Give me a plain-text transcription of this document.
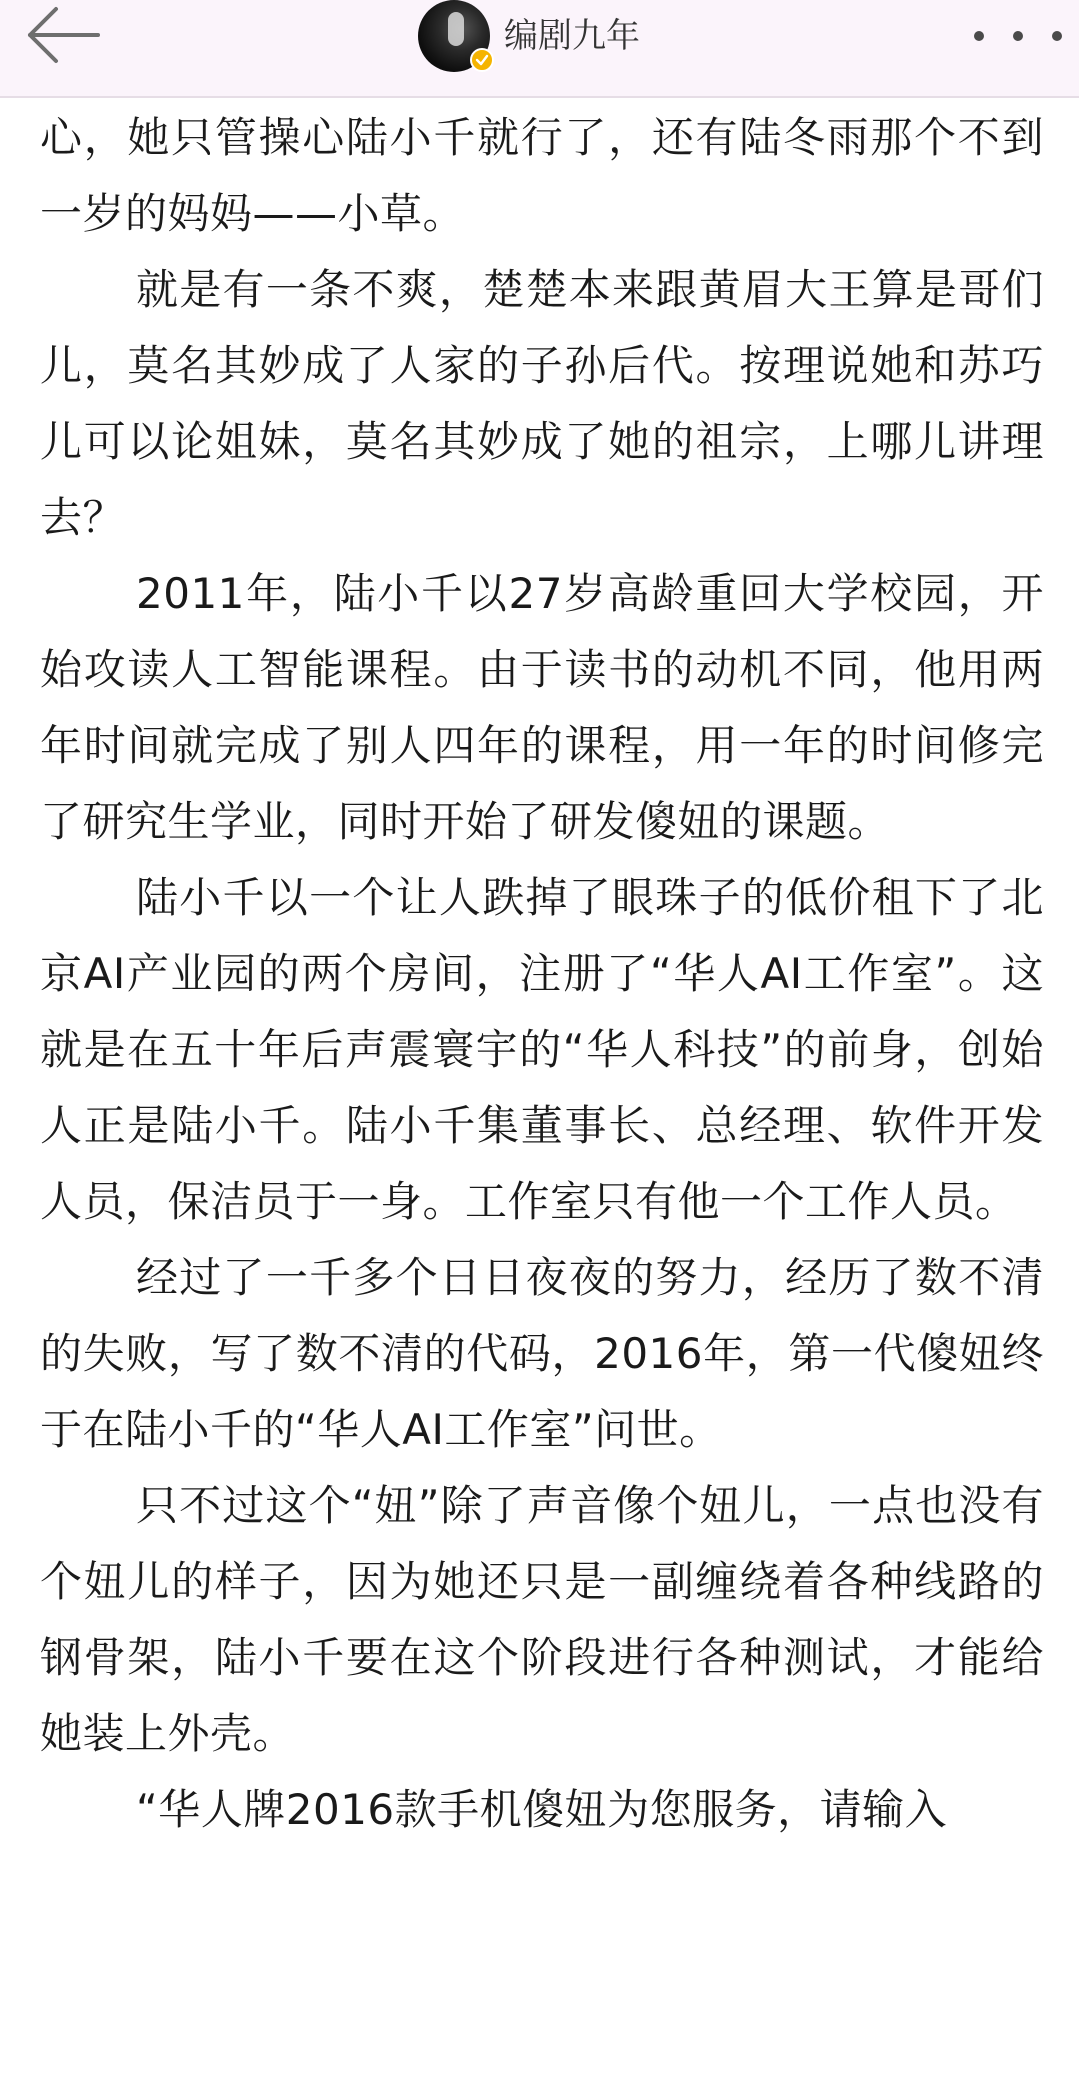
编剧九年

心，她只管操心陆小千就行了，还有陆冬雨那个不到一岁的妈妈——小草。

就是有一条不爽，楚楚本来跟黄眉大王算是哥们儿，莫名其妙成了人家的子孙后代。按理说她和苏巧儿可以论姐妹，莫名其妙成了她的祖宗，上哪儿讲理去？

2011年，陆小千以27岁高龄重回大学校园，开始攻读人工智能课程。由于读书的动机不同，他用两年时间就完成了别人四年的课程，用一年的时间修完了研究生学业，同时开始了研发傻妞的课题。

陆小千以一个让人跌掉了眼珠子的低价租下了北京AI产业园的两个房间，注册了“华人AI工作室”。这就是在五十年后声震寰宇的“华人科技”的前身，创始人正是陆小千。陆小千集董事长、总经理、软件开发人员，保洁员于一身。工作室只有他一个工作人员。

经过了一千多个日日夜夜的努力，经历了数不清的失败，写了数不清的代码，2016年，第一代傻妞终于在陆小千的“华人AI工作室”问世。

只不过这个“妞”除了声音像个妞儿，一点也没有个妞儿的样子，因为她还只是一副缠绕着各种线路的钢骨架，陆小千要在这个阶段进行各种测试，才能给她装上外壳。

“华人牌2016款手机傻妞为您服务，请输入
